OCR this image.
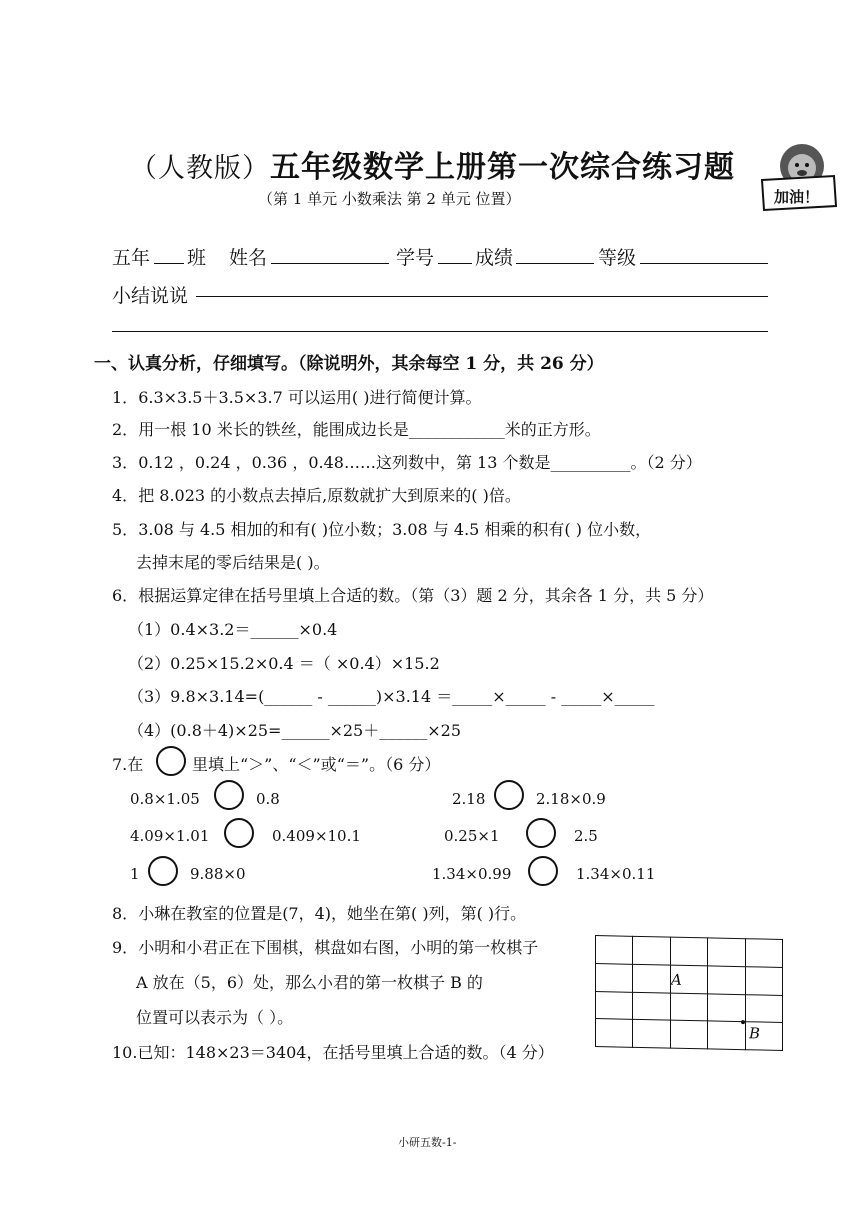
（人教版）五年级数学上册第一次综合练习题
（第 1 单元 小数乘法 第 2 单元 位置）	加油！
五年 班 姓名	学号 成绩	等级
小结说说
一、认真分析，仔细填写。（除说明外，其余每空 1 分，共 26 分）
1．6.3×3.5＋3.5×3.7 可以运用( )进行简便计算。
2．用一根 10 米长的铁丝，能围成边长是____________米的正方形。
3．0.12 ，0.24 ，0.36 ，0.48……这列数中，第 13 个数是__________。（2 分）
4．把 8.023 的小数点去掉后,原数就扩大到原来的( )倍。
5．3.08 与 4.5 相加的和有( )位小数；3.08 与 4.5 相乘的积有( ) 位小数，
去掉末尾的零后结果是( )。
6．根据运算定律在括号里填上合适的数。（第（3）题 2 分，其余各 1 分，共 5 分）
（1）0.4×3.2＝______×0.4
（2）0.25×15.2×0.4 ＝（ ×0.4）×15.2
（3）9.8×3.14=(______ - ______)×3.14 ＝_____×_____ - _____×_____
（4）(0.8＋4)×25=______×25＋______×25
7.在	里填上“＞”、“＜”或“＝”。（6 分）
0.8×1.05	0.8	2.18	2.18×0.9
4.09×1.01	0.409×10.1	0.25×1	2.5
1	9.88×0	1.34×0.99	1.34×0.11
8．小琳在教室的位置是(7，4)，她坐在第( )列，第( )行。
9．小明和小君正在下围棋，棋盘如右图，小明的第一枚棋子
A 放在（5，6）处，那么小君的第一枚棋子 B 的
位置可以表示为（ ）。

A
B
10.已知：148×23＝3404，在括号里填上合适的数。（4 分）
小研五数-1-
